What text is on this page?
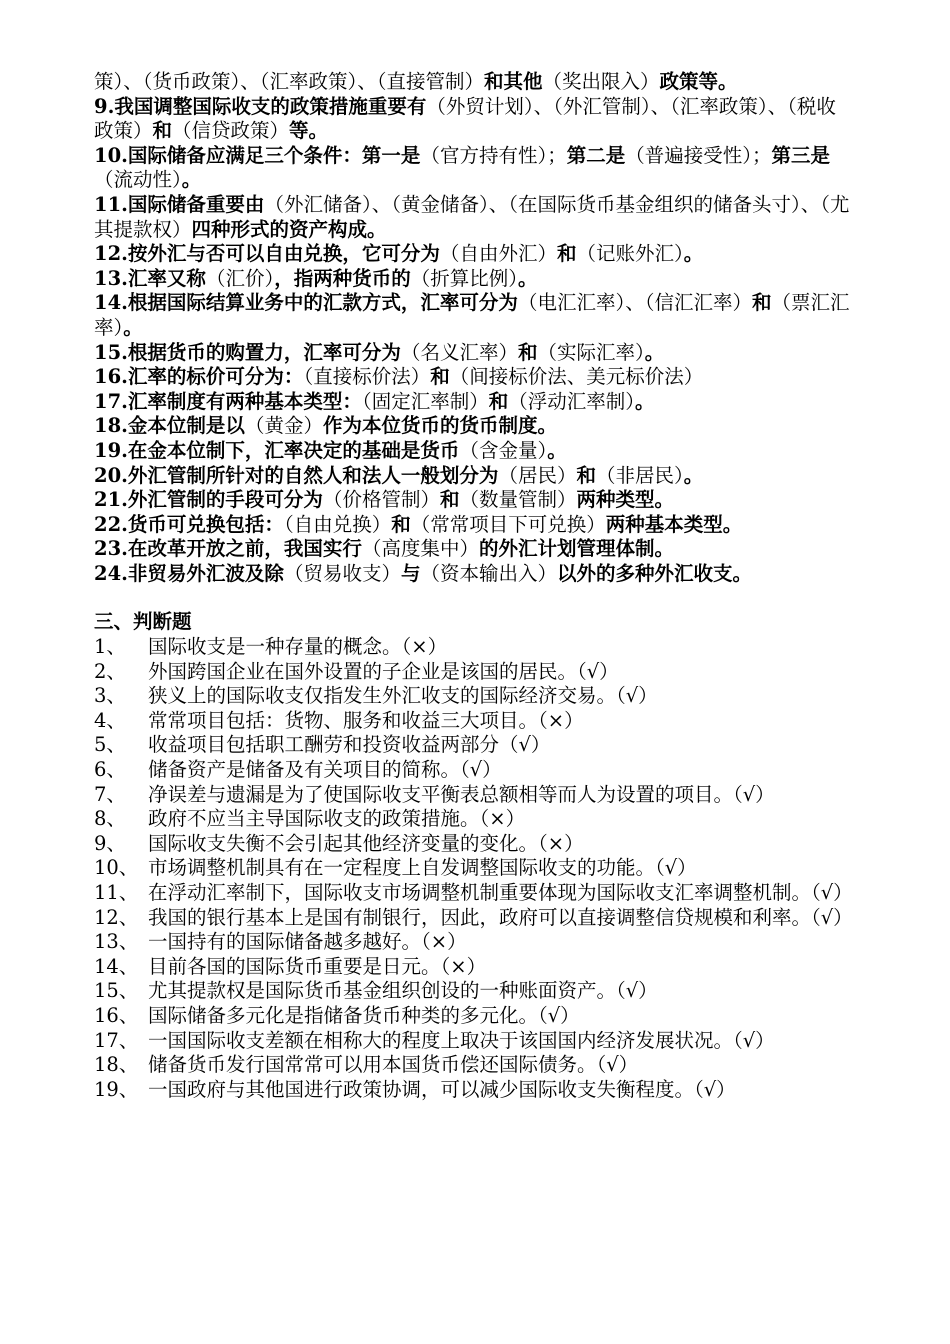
策）、（货币政策）、（汇率政策）、（直接管制）和其他（奖出限入）政策等。

9.我国调整国际收支的政策措施重要有（外贸计划）、（外汇管制）、（汇率政策）、（税收政策）和（信贷政策）等。

10.国际储备应满足三个条件：第一是（官方持有性）；第二是（普遍接受性）；第三是（流动性）。

11.国际储备重要由（外汇储备）、（黄金储备）、（在国际货币基金组织的储备头寸）、（尤其提款权）四种形式的资产构成。

12.按外汇与否可以自由兑换，它可分为（自由外汇）和（记账外汇）。

13.汇率又称（汇价），指两种货币的（折算比例）。

14.根据国际结算业务中的汇款方式，汇率可分为（电汇汇率）、（信汇汇率）和（票汇汇率）。

15.根据货币的购置力，汇率可分为（名义汇率）和（实际汇率）。

16.汇率的标价可分为：（直接标价法）和（间接标价法、美元标价法）

17.汇率制度有两种基本类型：（固定汇率制）和（浮动汇率制）。

18.金本位制是以（黄金）作为本位货币的货币制度。

19.在金本位制下，汇率决定的基础是货币（含金量）。

20.外汇管制所针对的自然人和法人一般划分为（居民）和（非居民）。

21.外汇管制的手段可分为（价格管制）和（数量管制）两种类型。

22.货币可兑换包括：（自由兑换）和（常常项目下可兑换）两种基本类型。

23.在改革开放之前，我国实行（高度集中）的外汇计划管理体制。

24.非贸易外汇波及除（贸易收支）与（资本输出入）以外的多种外汇收支。

三、判断题

1、 国际收支是一种存量的概念。（×）

2、 外国跨国企业在国外设置的子企业是该国的居民。（√）

3、 狭义上的国际收支仅指发生外汇收支的国际经济交易。（√）

4、 常常项目包括：货物、服务和收益三大项目。（×）

5、 收益项目包括职工酬劳和投资收益两部分（√）

6、 储备资产是储备及有关项目的简称。（√）

7、 净误差与遗漏是为了使国际收支平衡表总额相等而人为设置的项目。（√）

8、 政府不应当主导国际收支的政策措施。（×）

9、 国际收支失衡不会引起其他经济变量的变化。（×）

10、 市场调整机制具有在一定程度上自发调整国际收支的功能。（√）

11、 在浮动汇率制下，国际收支市场调整机制重要体现为国际收支汇率调整机制。（√）

12、 我国的银行基本上是国有制银行，因此，政府可以直接调整信贷规模和利率。（√）

13、 一国持有的国际储备越多越好。（×）

14、 目前各国的国际货币重要是日元。（×）

15、 尤其提款权是国际货币基金组织创设的一种账面资产。（√）

16、 国际储备多元化是指储备货币种类的多元化。（√）

17、 一国国际收支差额在相称大的程度上取决于该国国内经济发展状况。（√）

18、 储备货币发行国常常可以用本国货币偿还国际债务。（√）

19、 一国政府与其他国进行政策协调，可以减少国际收支失衡程度。（√）
